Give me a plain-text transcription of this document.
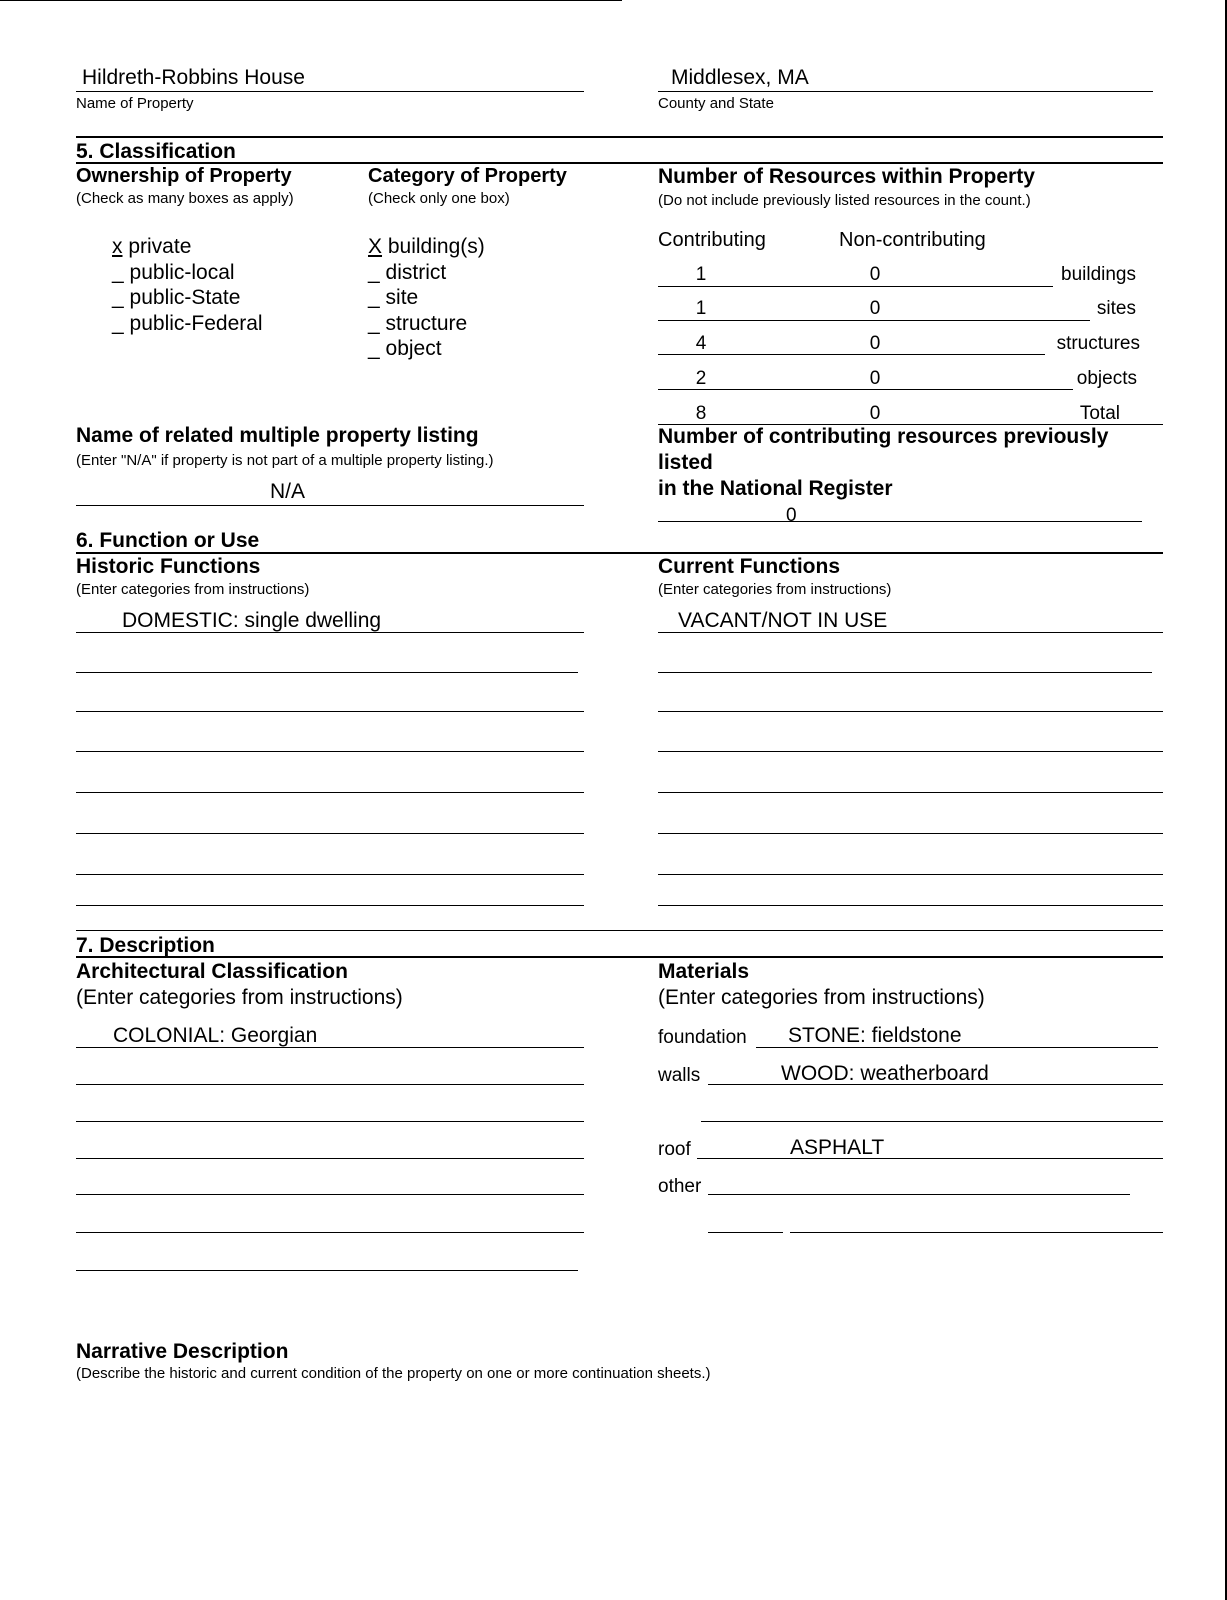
Hildreth-Robbins House
Name of Property
Middlesex, MA
County and State
5. Classification
Ownership of Property
(Check as many boxes as apply)
x private
_ public-local
_ public-State
_ public-Federal
Category of Property
(Check only one box)
X building(s)
_ district
_ site
_ structure
_ object
Number of Resources within Property
(Do not include previously listed resources in the count.)
Contributing	Non-contributing
1	0	buildings
1	0	sites
4	0	structures
2	0	objects
8	0	Total
Name of related multiple property listing
(Enter "N/A" if property is not part of a multiple property listing.)
N/A
Number of contributing resources previously
listed
in the National Register
0
6. Function or Use
Historic Functions
(Enter categories from instructions)
DOMESTIC: single dwelling
Current Functions
(Enter categories from instructions)
VACANT/NOT IN USE
7. Description
Architectural Classification
(Enter categories from instructions)
COLONIAL: Georgian
Materials
(Enter categories from instructions)
foundation STONE: fieldstone
walls	WOOD: weatherboard
roof	ASPHALT
other
Narrative Description
(Describe the historic and current condition of the property on one or more continuation sheets.)
